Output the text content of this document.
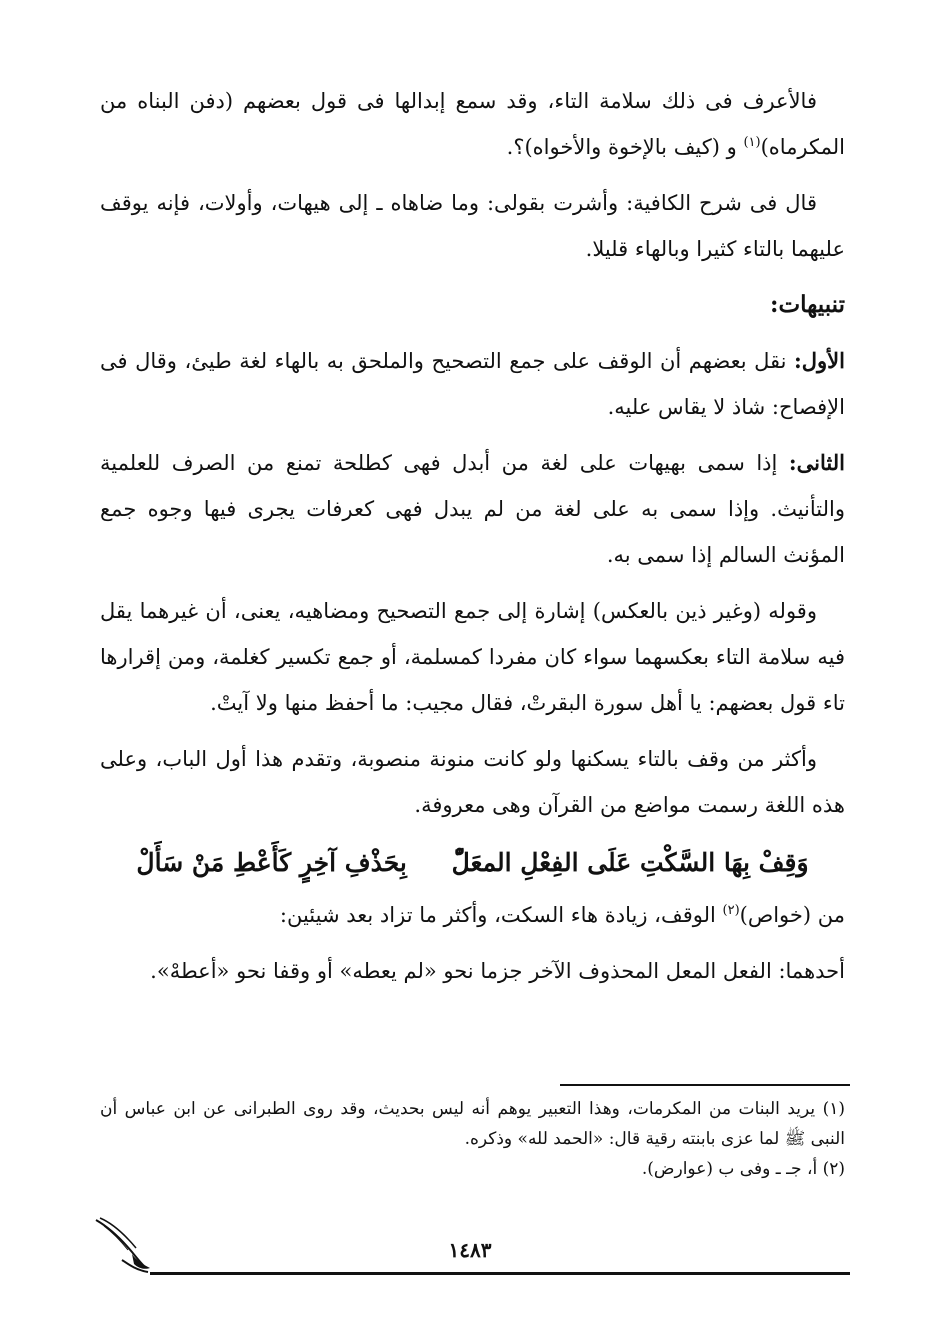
فالأعرف فى ذلك سلامة التاء، وقد سمع إبدالها فى قول بعضهم (دفن البناه من المكرماه)$^{(١)}$ و (كيف بالإخوة والأخواه)؟.

قال فى شرح الكافية: وأشرت بقولى: وما ضاهاه ـ إلى هيهات، وأولات، فإنه يوقف عليهما بالتاء كثيرا وبالهاء قليلا.

تنبيهات:

الأول: نقل بعضهم أن الوقف على جمع التصحيح والملحق به بالهاء لغة طيئ، وقال فى الإفصاح: شاذ لا يقاس عليه.

الثانى: إذا سمى بهيهات على لغة من أبدل فهى كطلحة تمنع من الصرف للعلمية والتأنيث. وإذا سمى به على لغة من لم يبدل فهى كعرفات يجرى فيها وجوه جمع المؤنث السالم إذا سمى به.

وقوله (وغير ذين بالعكس) إشارة إلى جمع التصحيح ومضاهيه، يعنى، أن غيرهما يقل فيه سلامة التاء بعكسهما سواء كان مفردا كمسلمة، أو جمع تكسير كغلمة، ومن إقرارها تاء قول بعضهم: يا أهل سورة البقرتْ، فقال مجيب: ما أحفظ منها ولا آيتْ.

وأكثر من وقف بالتاء يسكنها ولو كانت منونة منصوبة، وتقدم هذا أول الباب، وعلى هذه اللغة رسمت مواضع من القرآن وهى معروفة.

وَقِفْ بِهَا السَّكْتِ عَلَى الفِعْلِ المعَلّْ بِحَذْفِ آخِرٍ كَأَعْطِ مَنْ سَأَلْ

من (خواص)$^{(٢)}$ الوقف، زيادة هاء السكت، وأكثر ما تزاد بعد شيئين:

أحدهما: الفعل المعل المحذوف الآخر جزما نحو «لم يعطه» أو وقفا نحو «أعطهْ».

(١) يريد البنات من المكرمات، وهذا التعبير يوهم أنه ليس بحديث، وقد روى الطبرانى عن ابن عباس أن النبى ﷺ لما عزى بابنته رقية قال: «الحمد لله» وذكره.

(٢) أ، جـ ـ وفى ب (عوارض).

١٤٨٣
